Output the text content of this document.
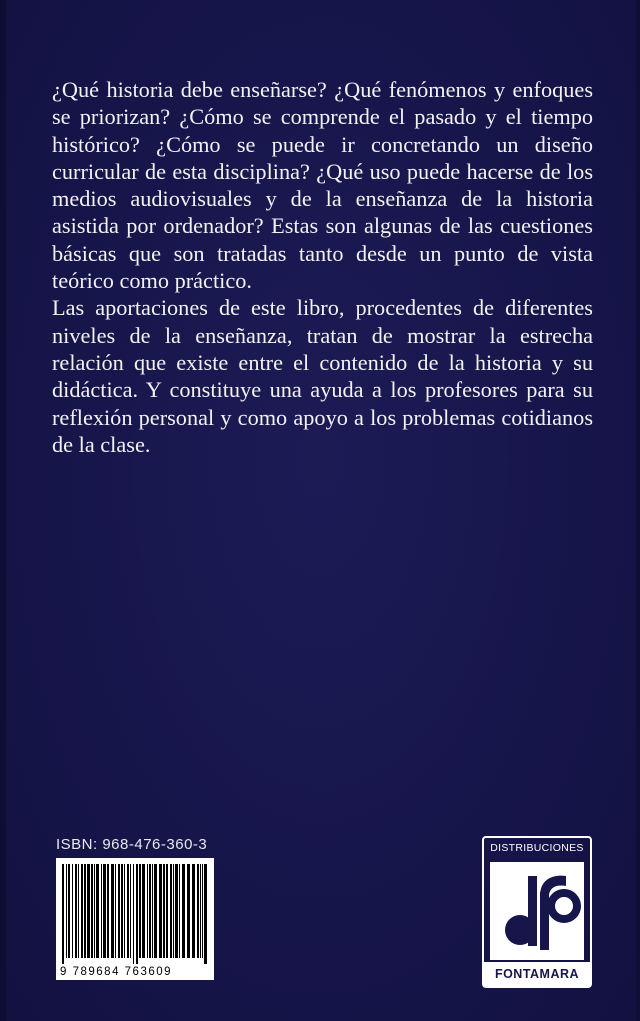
¿Qué historia debe enseñarse? ¿Qué fenómenos y enfoques se priorizan? ¿Cómo se comprende el pasado y el tiempo histórico? ¿Cómo se puede ir concretando un diseño curricular de esta disciplina? ¿Qué uso puede hacerse de los medios audiovisuales y de la enseñanza de la historia asistida por ordenador? Estas son algunas de las cuestiones básicas que son tratadas tanto desde un punto de vista teórico como práctico.

Las aportaciones de este libro, procedentes de diferentes niveles de la enseñanza, tratan de mostrar la estrecha relación que existe entre el contenido de la historia y su didáctica. Y constituye una ayuda a los profesores para su reflexión personal y como apoyo a los problemas cotidianos de la clase.

ISBN: 968-476-360-3
9 789684 763609
DISTRIBUCIONES
FONTAMARA
